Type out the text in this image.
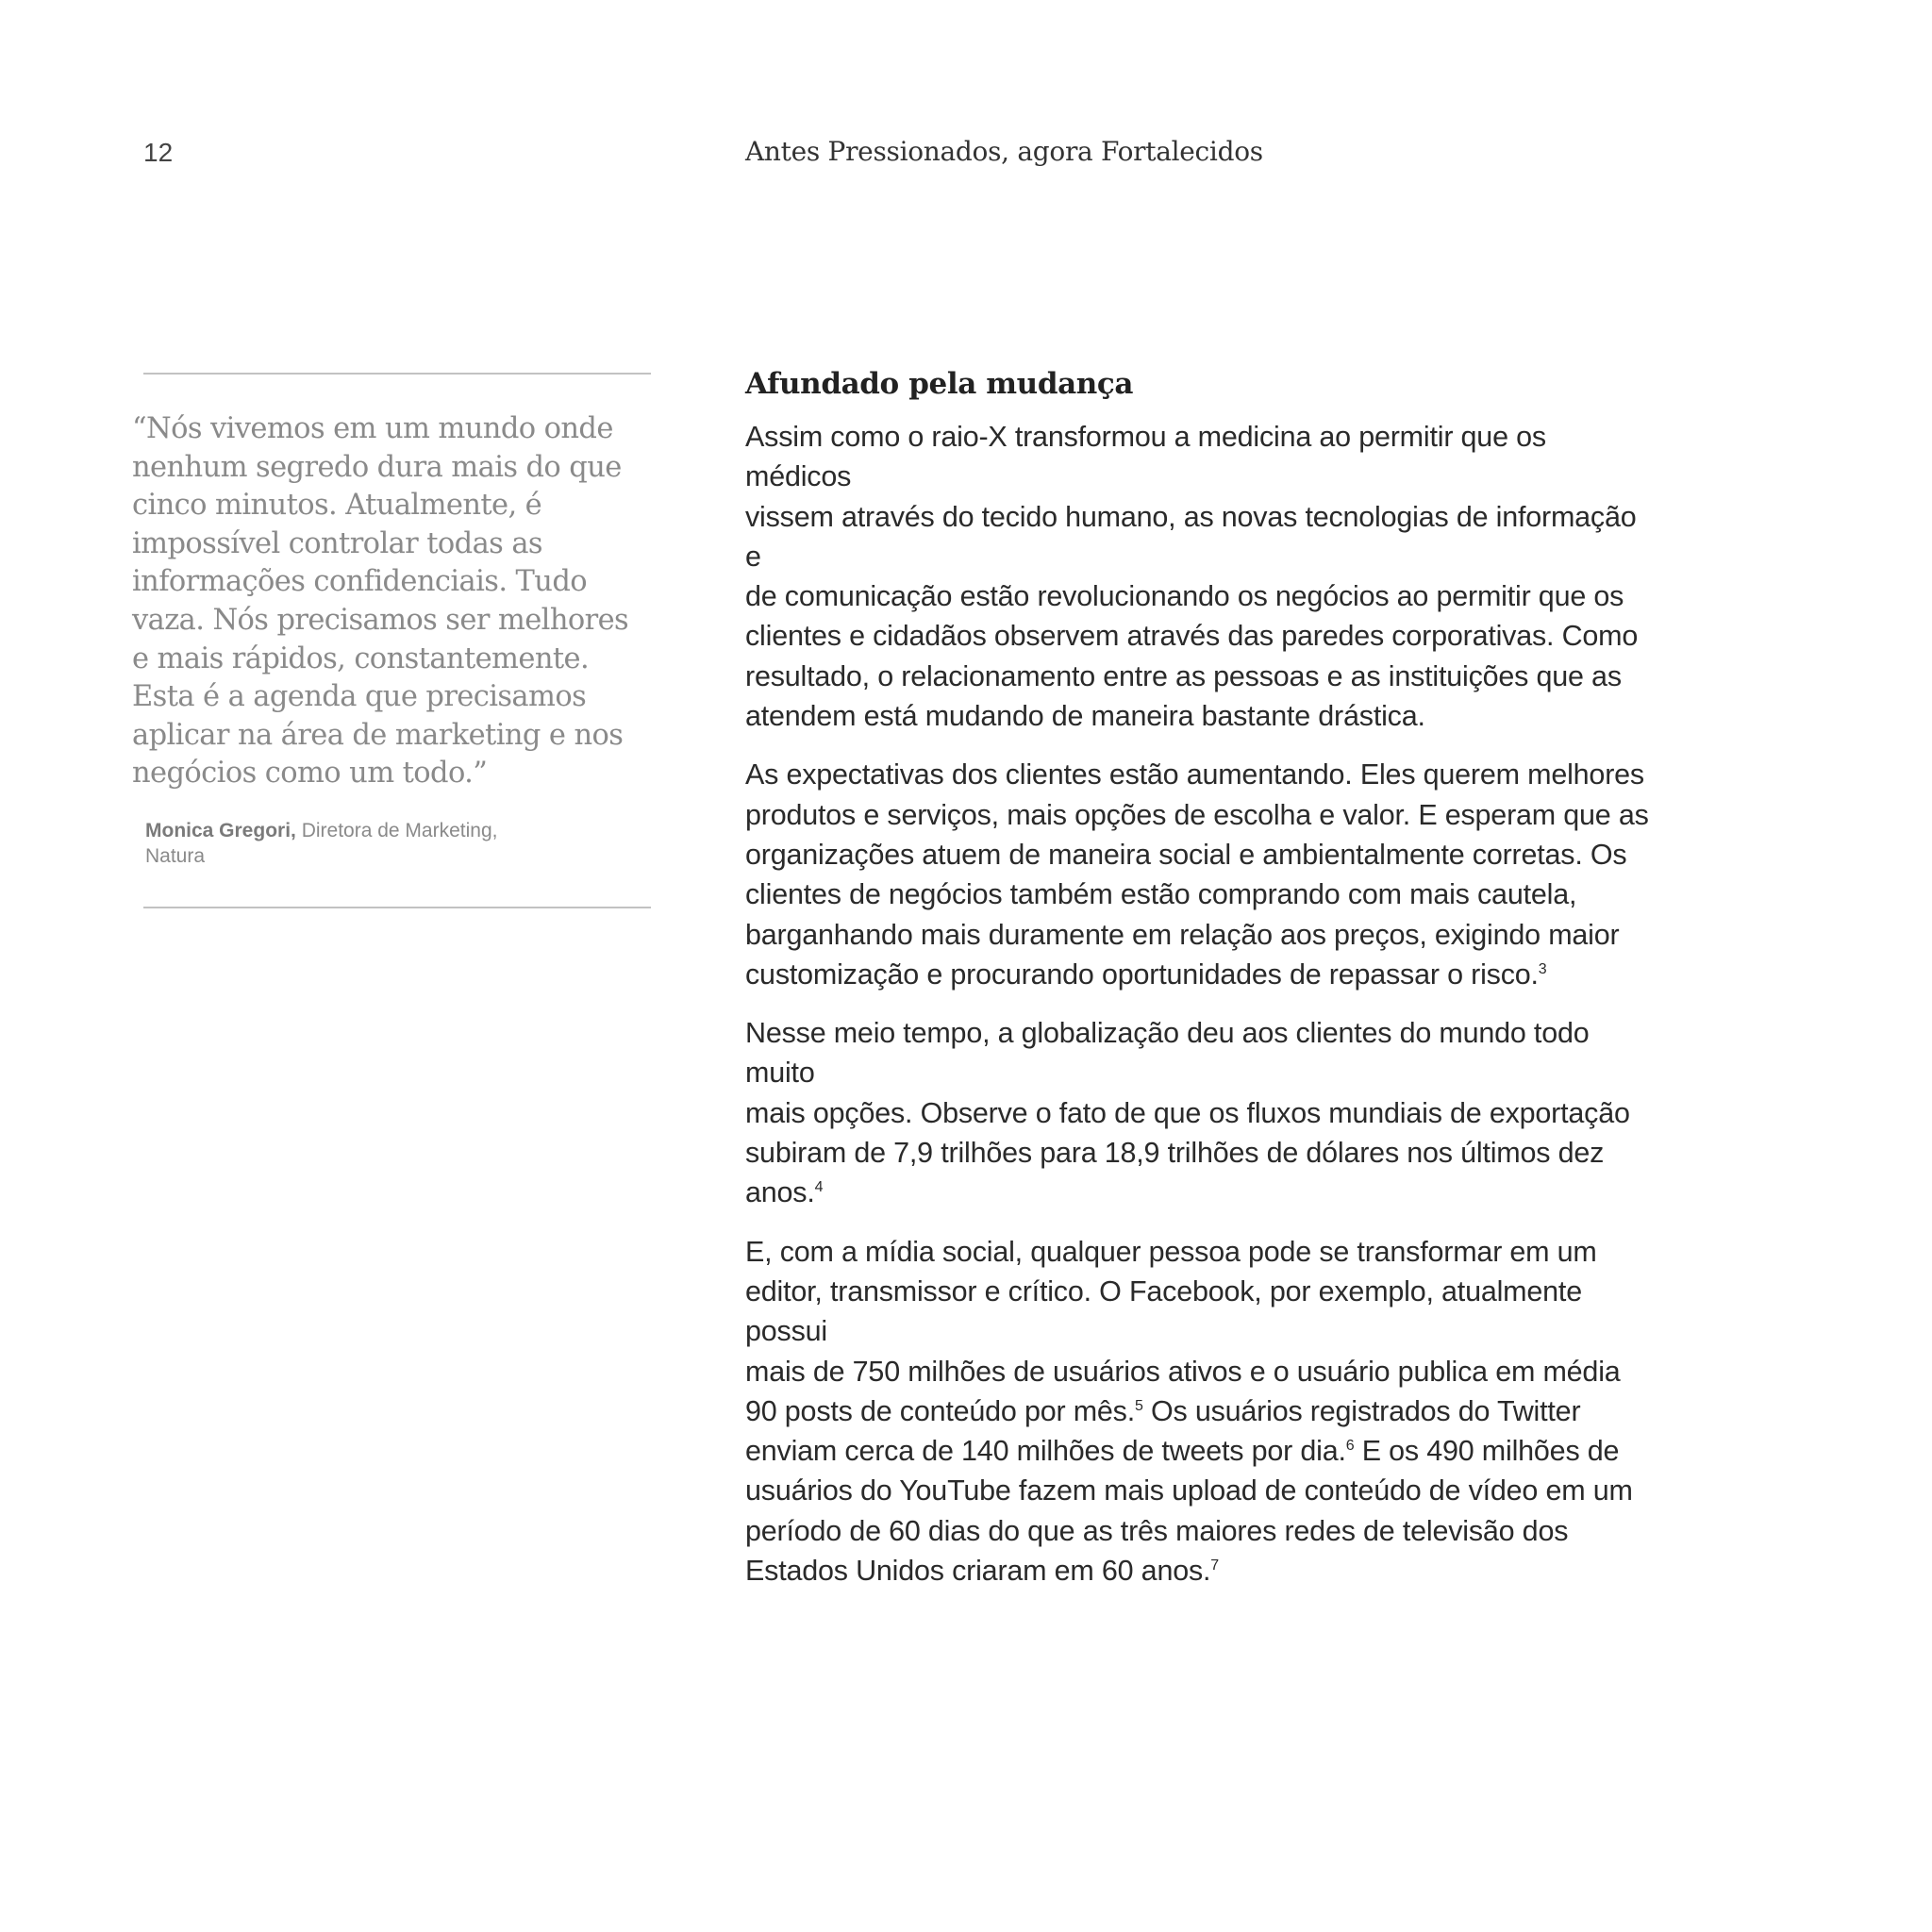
12	Antes Pressionados, agora Fortalecidos
“Nós vivemos em um mundo onde
nenhum segredo dura mais do que
cinco minutos. Atualmente, é
impossível controlar todas as
informações confidenciais. Tudo
vaza. Nós precisamos ser melhores
e mais rápidos, constantemente.
Esta é a agenda que precisamos
aplicar na área de marketing e nos
negócios como um todo.”
Monica Gregori, Diretora de Marketing,
Natura
Afundado pela mudança

Assim como o raio-X transformou a medicina ao permitir que os médicos
vissem através do tecido humano, as novas tecnologias de informação e
de comunicação estão revolucionando os negócios ao permitir que os
clientes e cidadãos observem através das paredes corporativas. Como
resultado, o relacionamento entre as pessoas e as instituições que as
atendem está mudando de maneira bastante drástica.

As expectativas dos clientes estão aumentando. Eles querem melhores
produtos e serviços, mais opções de escolha e valor. E esperam que as
organizações atuem de maneira social e ambientalmente corretas. Os
clientes de negócios também estão comprando com mais cautela,
barganhando mais duramente em relação aos preços, exigindo maior
customização e procurando oportunidades de repassar o risco.$^3$

Nesse meio tempo, a globalização deu aos clientes do mundo todo muito
mais opções. Observe o fato de que os fluxos mundiais de exportação
subiram de 7,9 trilhões para 18,9 trilhões de dólares nos últimos dez anos.$^4$

E, com a mídia social, qualquer pessoa pode se transformar em um
editor, transmissor e crítico. O Facebook, por exemplo, atualmente possui
mais de 750 milhões de usuários ativos e o usuário publica em média
90 posts de conteúdo por mês.$^5$ Os usuários registrados do Twitter
enviam cerca de 140 milhões de tweets por dia.$^6$ E os 490 milhões de
usuários do YouTube fazem mais upload de conteúdo de vídeo em um
período de 60 dias do que as três maiores redes de televisão dos
Estados Unidos criaram em 60 anos.$^7$
